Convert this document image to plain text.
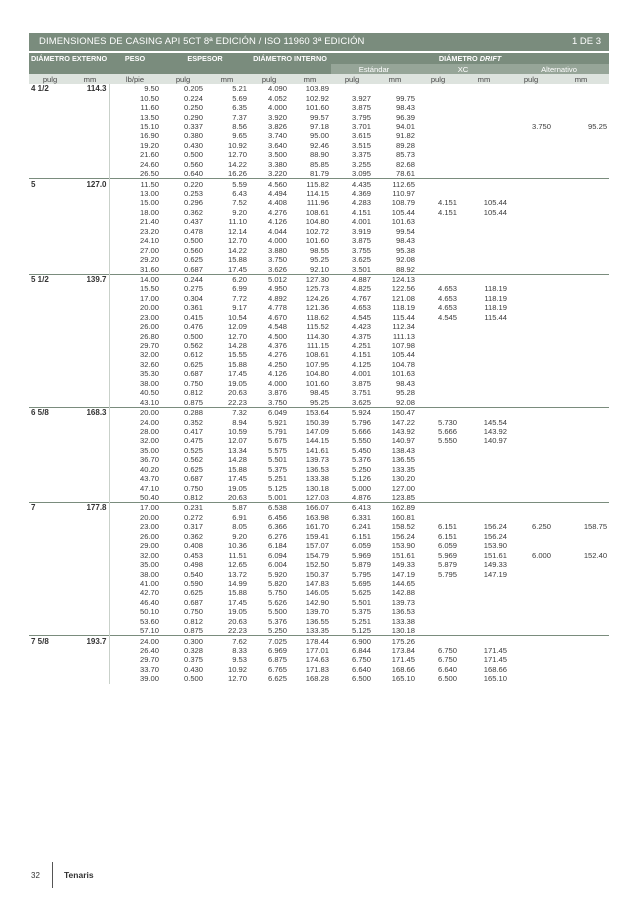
DIMENSIONES DE CASING API 5CT 8ª EDICIÓN / ISO 11960 3ª EDICIÓN	1 DE 3
DIÁMETRO EXTERNO		PESO	ESPESOR		DIÁMETRO INTERNO		DIÁMETRO DRIFT					
							Estándar		XC		Alternativo	
pulg	mm	lb/pie	pulg	mm	pulg	mm	pulg	mm	pulg	mm	pulg	mm
4 1/2	114.3	9.50	0.205	5.21	4.090	103.89						
		10.50	0.224	5.69	4.052	102.92	3.927	99.75				
		11.60	0.250	6.35	4.000	101.60	3.875	98.43				
		13.50	0.290	7.37	3.920	99.57	3.795	96.39				
		15.10	0.337	8.56	3.826	97.18	3.701	94.01			3.750	95.25
		16.90	0.380	9.65	3.740	95.00	3.615	91.82				
		19.20	0.430	10.92	3.640	92.46	3.515	89.28				
		21.60	0.500	12.70	3.500	88.90	3.375	85.73				
		24.60	0.560	14.22	3.380	85.85	3.255	82.68				
		26.50	0.640	16.26	3.220	81.79	3.095	78.61				
5	127.0	11.50	0.220	5.59	4.560	115.82	4.435	112.65				
		13.00	0.253	6.43	4.494	114.15	4.369	110.97				
		15.00	0.296	7.52	4.408	111.96	4.283	108.79	4.151	105.44		
		18.00	0.362	9.20	4.276	108.61	4.151	105.44	4.151	105.44		
		21.40	0.437	11.10	4.126	104.80	4.001	101.63				
		23.20	0.478	12.14	4.044	102.72	3.919	99.54				
		24.10	0.500	12.70	4.000	101.60	3.875	98.43				
		27.00	0.560	14.22	3.880	98.55	3.755	95.38				
		29.20	0.625	15.88	3.750	95.25	3.625	92.08				
		31.60	0.687	17.45	3.626	92.10	3.501	88.92				
5 1/2	139.7	14.00	0.244	6.20	5.012	127.30	4.887	124.13				
		15.50	0.275	6.99	4.950	125.73	4.825	122.56	4.653	118.19		
		17.00	0.304	7.72	4.892	124.26	4.767	121.08	4.653	118.19		
		20.00	0.361	9.17	4.778	121.36	4.653	118.19	4.653	118.19		
		23.00	0.415	10.54	4.670	118.62	4.545	115.44	4.545	115.44		
		26.00	0.476	12.09	4.548	115.52	4.423	112.34				
		26.80	0.500	12.70	4.500	114.30	4.375	111.13				
		29.70	0.562	14.28	4.376	111.15	4.251	107.98				
		32.00	0.612	15.55	4.276	108.61	4.151	105.44				
		32.60	0.625	15.88	4.250	107.95	4.125	104.78				
		35.30	0.687	17.45	4.126	104.80	4.001	101.63				
		38.00	0.750	19.05	4.000	101.60	3.875	98.43				
		40.50	0.812	20.63	3.876	98.45	3.751	95.28				
		43.10	0.875	22.23	3.750	95.25	3.625	92.08				
6 5/8	168.3	20.00	0.288	7.32	6.049	153.64	5.924	150.47				
		24.00	0.352	8.94	5.921	150.39	5.796	147.22	5.730	145.54		
		28.00	0.417	10.59	5.791	147.09	5.666	143.92	5.666	143.92		
		32.00	0.475	12.07	5.675	144.15	5.550	140.97	5.550	140.97		
		35.00	0.525	13.34	5.575	141.61	5.450	138.43				
		36.70	0.562	14.28	5.501	139.73	5.376	136.55				
		40.20	0.625	15.88	5.375	136.53	5.250	133.35				
		43.70	0.687	17.45	5.251	133.38	5.126	130.20				
		47.10	0.750	19.05	5.125	130.18	5.000	127.00				
		50.40	0.812	20.63	5.001	127.03	4.876	123.85				
7	177.8	17.00	0.231	5.87	6.538	166.07	6.413	162.89				
		20.00	0.272	6.91	6.456	163.98	6.331	160.81				
		23.00	0.317	8.05	6.366	161.70	6.241	158.52	6.151	156.24	6.250	158.75
		26.00	0.362	9.20	6.276	159.41	6.151	156.24	6.151	156.24		
		29.00	0.408	10.36	6.184	157.07	6.059	153.90	6.059	153.90		
		32.00	0.453	11.51	6.094	154.79	5.969	151.61	5.969	151.61	6.000	152.40
		35.00	0.498	12.65	6.004	152.50	5.879	149.33	5.879	149.33		
		38.00	0.540	13.72	5.920	150.37	5.795	147.19	5.795	147.19		
		41.00	0.590	14.99	5.820	147.83	5.695	144.65				
		42.70	0.625	15.88	5.750	146.05	5.625	142.88				
		46.40	0.687	17.45	5.626	142.90	5.501	139.73				
		50.10	0.750	19.05	5.500	139.70	5.375	136.53				
		53.60	0.812	20.63	5.376	136.55	5.251	133.38				
		57.10	0.875	22.23	5.250	133.35	5.125	130.18				
7 5/8	193.7	24.00	0.300	7.62	7.025	178.44	6.900	175.26				
		26.40	0.328	8.33	6.969	177.01	6.844	173.84	6.750	171.45		
		29.70	0.375	9.53	6.875	174.63	6.750	171.45	6.750	171.45		
		33.70	0.430	10.92	6.765	171.83	6.640	168.66	6.640	168.66		
		39.00	0.500	12.70	6.625	168.28	6.500	165.10	6.500	165.10		
32	Tenaris
